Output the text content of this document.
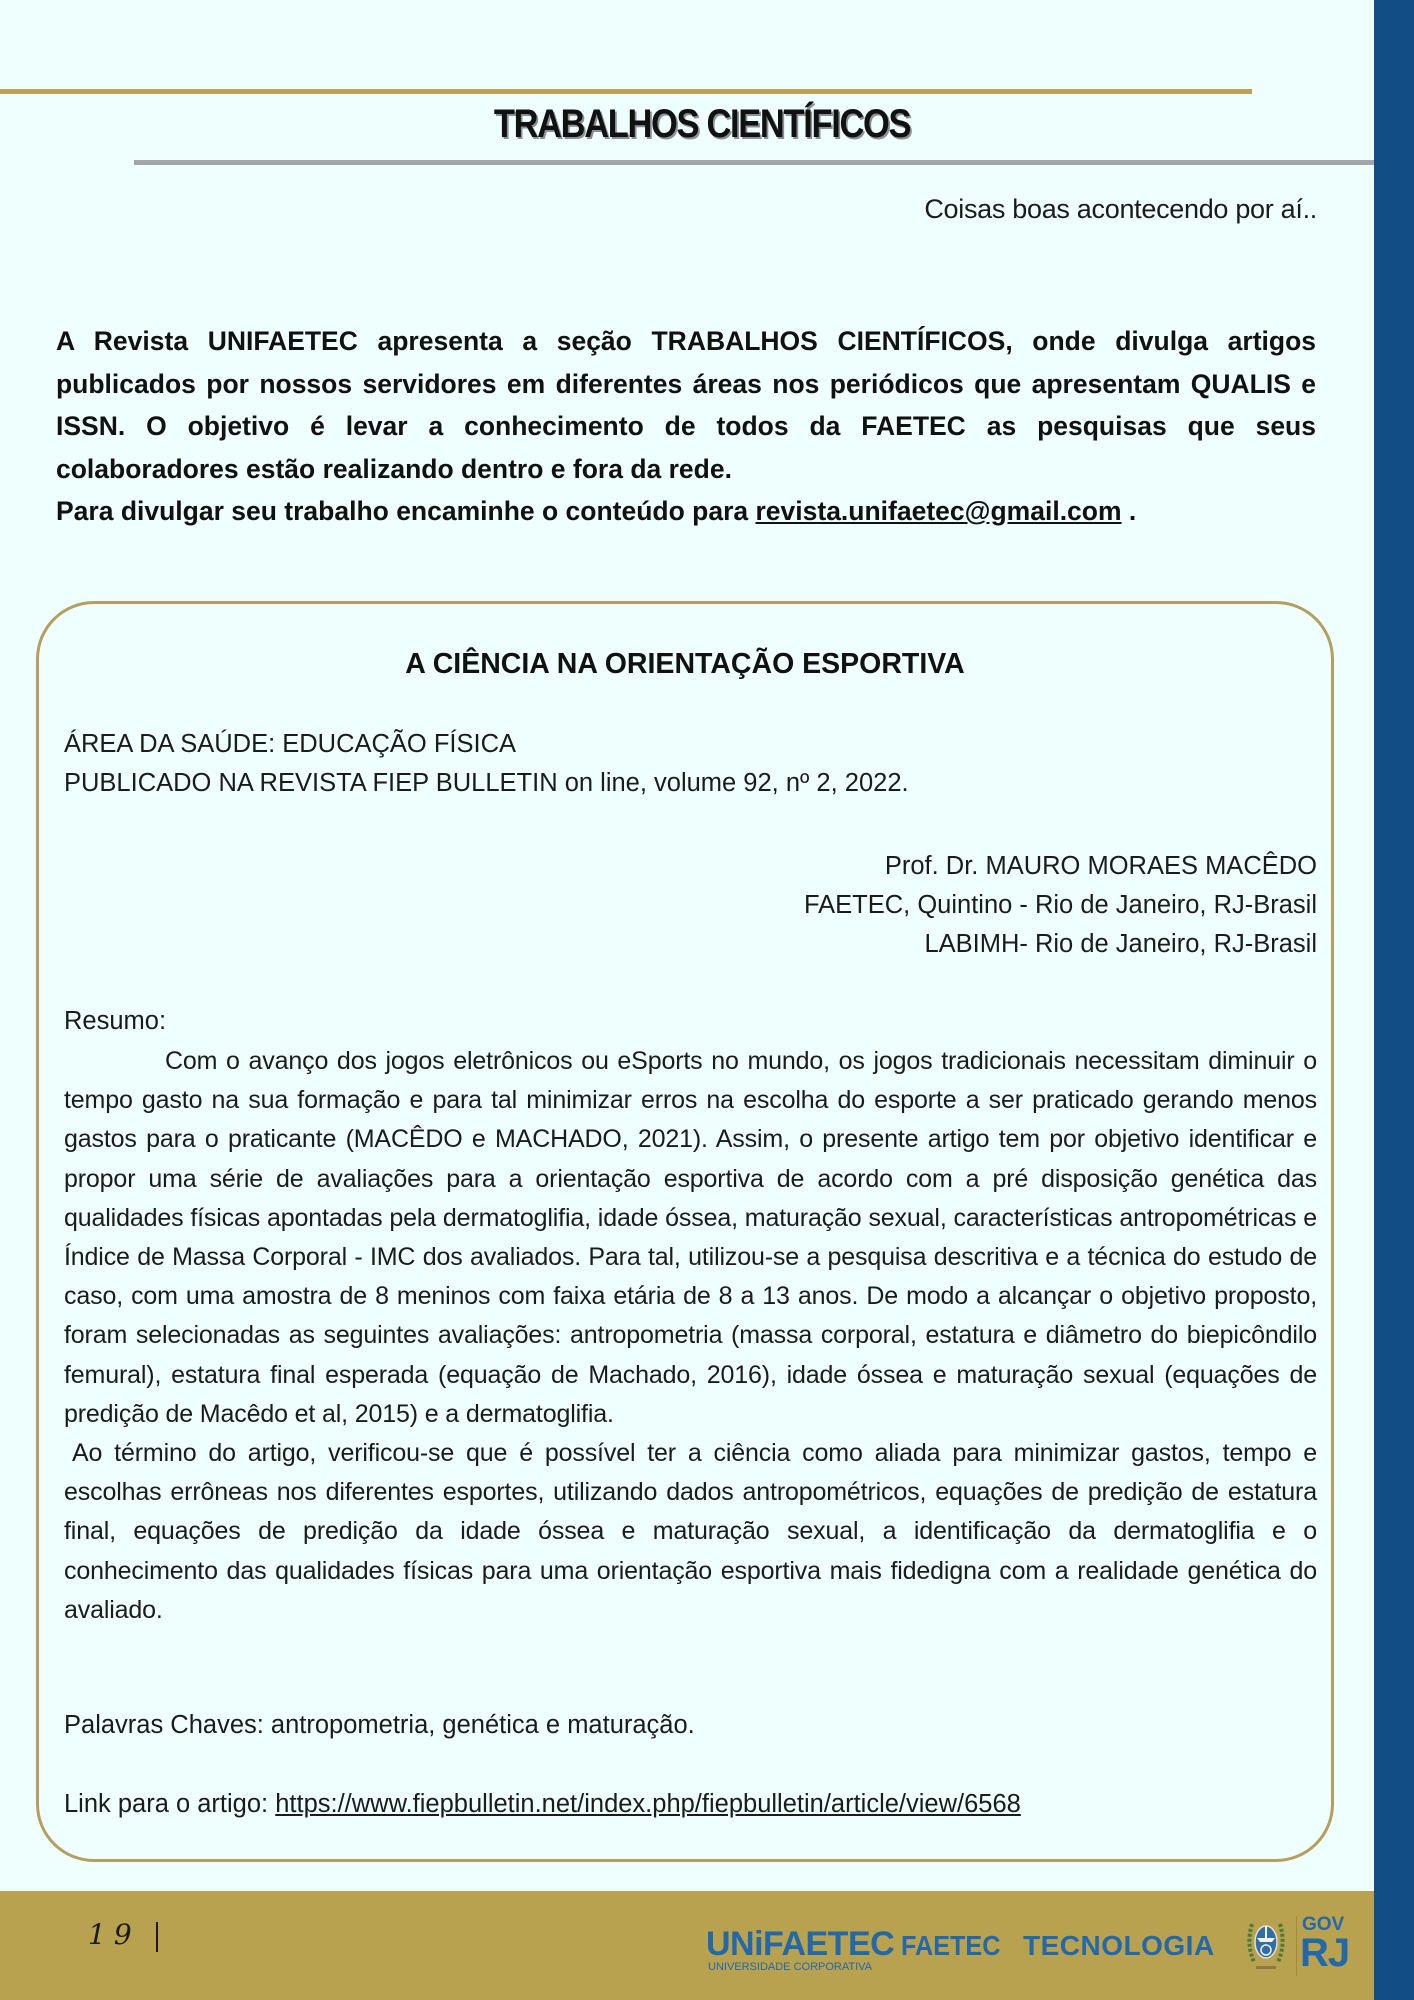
TRABALHOS CIENTÍFICOS
Coisas boas acontecendo por aí..

A Revista UNIFAETEC apresenta a seção TRABALHOS CIENTÍFICOS, onde divulga artigos publicados por nossos servidores em diferentes áreas nos periódicos que apresentam QUALIS e ISSN. O objetivo é levar a conhecimento de todos da FAETEC as pesquisas que seus colaboradores estão realizando dentro e fora da rede.

Para divulgar seu trabalho encaminhe o conteúdo para revista.unifaetec@gmail.com .

A CIÊNCIA NA ORIENTAÇÃO ESPORTIVA
ÁREA DA SAÚDE: EDUCAÇÃO FÍSICA
PUBLICADO NA REVISTA FIEP BULLETIN on line, volume 92, nº 2, 2022.
Prof. Dr. MAURO MORAES MACÊDO
FAETEC, Quintino - Rio de Janeiro, RJ-Brasil
LABIMH- Rio de Janeiro, RJ-Brasil
Resumo:

Com o avanço dos jogos eletrônicos ou eSports no mundo, os jogos tradicionais necessitam diminuir o tempo gasto na sua formação e para tal minimizar erros na escolha do esporte a ser praticado gerando menos gastos para o praticante (MACÊDO e MACHADO, 2021). Assim, o presente artigo tem por objetivo identificar e propor uma série de avaliações para a orientação esportiva de acordo com a pré disposição genética das qualidades físicas apontadas pela dermatoglifia, idade óssea, maturação sexual, características antropométricas e Índice de Massa Corporal - IMC dos avaliados. Para tal, utilizou-se a pesquisa descritiva e a técnica do estudo de caso, com uma amostra de 8 meninos com faixa etária de 8 a 13 anos. De modo a alcançar o objetivo proposto, foram selecionadas as seguintes avaliações: antropometria (massa corporal, estatura e diâmetro do biepicôndilo femural), estatura final esperada (equação de Machado, 2016), idade óssea e maturação sexual (equações de predição de Macêdo et al, 2015) e a dermatoglifia.

Ao término do artigo, verificou-se que é possível ter a ciência como aliada para minimizar gastos, tempo e escolhas errôneas nos diferentes esportes, utilizando dados antropométricos, equações de predição de estatura final, equações de predição da idade óssea e maturação sexual, a identificação da dermatoglifia e o conhecimento das qualidades físicas para uma orientação esportiva mais fidedigna com a realidade genética do avaliado.

Palavras Chaves: antropometria, genética e maturação.
Link para o artigo: https://www.fiepbulletin.net/index.php/fiepbulletin/article/view/6568
19	UNiFAETEC
UNIVERSIDADE CORPORATIVA
FAETEC TECNOLOGIA
GOV
RJ
